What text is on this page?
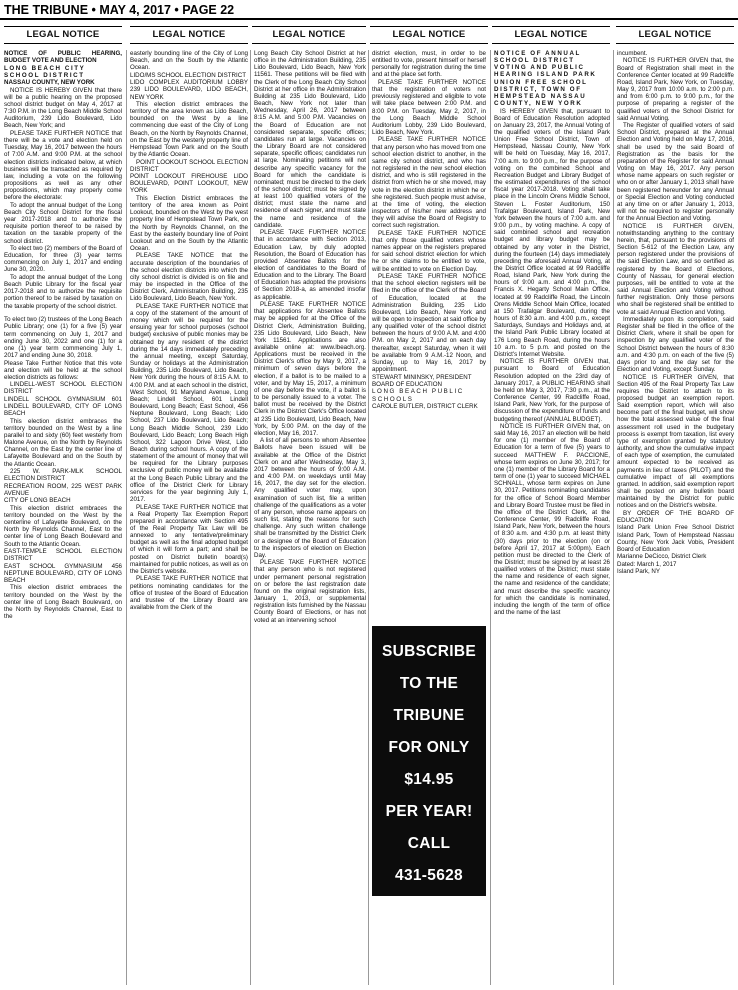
THE TRIBUNE • MAY 4, 2017 • PAGE 22
LEGAL NOTICE	LEGAL NOTICE	LEGAL NOTICE	LEGAL NOTICE	LEGAL NOTICE	LEGAL NOTICE

NOTICE OF PUBLIC HEARING, BUDGET VOTE AND ELECTION

LONG BEACH CITY SCHOOL DISTRICT

NASSAU COUNTY, NEW YORK

NOTICE IS HEREBY GIVEN that there will be a public hearing on the proposed school district budget on May 4, 2017 at 7:30 P.M. in the Long Beach Middle School Auditorium, 239 Lido Boulevard, Lido Beach, New York; and

PLEASE TAKE FURTHER NOTICE that there will be a vote and election held on Tuesday, May 16, 2017 between the hours of 7:00 A.M. and 9:00 P.M. at the school election districts indicated below, at which business will be transacted as required by law, including a vote on the following propositions as well as any other propositions, which may properly come before the electorate:

To adopt the annual budget of the Long Beach City School District for the fiscal year 2017-2018 and to authorize the requisite portion thereof to be raised by taxation on the taxable property of the school district.

To elect two (2) members of the Board of Education, for three (3) year terms commencing on July 1, 2017 and ending June 30, 2020.

To adopt the annual budget of the Long Beach Public Library for the fiscal year 2017-2018 and to authorize the requisite portion thereof to be raised by taxation on the taxable property of the school district.

To elect two (2) trustees of the Long Beach Public Library; one (1) for a five (5) year term commencing on July 1, 2017 and ending June 30, 2022 and one (1) for a one (1) year term commencing July 1, 2017 and ending June 30, 2018.

Please Take Further Notice that this vote and election will be held at the school election districts as follows:

LINDELL-WEST SCHOOL ELECTION DISTRICT

LINDELL SCHOOL GYMNASIUM 601 LINDELL BOULEVARD, CITY OF LONG BEACH

This election district embraces the territory bounded on the West by a line parallel to and sixty (60) feet westerly from Malone Avenue, on the North by Reynolds Channel, on the East by the center line of Lafayette Boulevard and on the South by the Atlantic Ocean.

225 W. PARK-MLK SCHOOL ELECTION DISTRICT

RECREATION ROOM, 225 WEST PARK AVENUE

CITY OF LONG BEACH

This election district embraces the territory bounded on the West by the centerline of Lafayette Boulevard, on the North by Reynolds Channel, East to the center line of Long Beach Boulevard and South to the Atlantic Ocean.

EAST-TEMPLE SCHOOL ELECTION DISTRICT

EAST SCHOOL GYMNASIUM 456 NEPTUNE BOULEVARD, CITY OF LONG BEACH

This election district embraces the territory bounded on the West by the center line of Long Beach Boulevard, on the North by Reynolds Channel, East to the

easterly bounding line of the City of Long Beach, and on the South by the Atlantic Ocean.

LIDO/MS SCHOOL ELECTION DISTRICT

LIDO COMPLEX AUDITORIUM LOBBY 239 LIDO BOULEVARD, LIDO BEACH, NEW YORK

This election district embraces the territory of the area known as Lido Beach, bounded on the West by a line commencing due east of the City of Long Beach, on the North by Reynolds Channel, on the East by the westerly property line of Hempstead Town Park and on the South by the Atlantic Ocean.

POINT LOOKOUT SCHOOL ELECTION DISTRICT

POINT LOOKOUT FIREHOUSE LIDO BOULEVARD, POINT LOOKOUT, NEW YORK

This Election District embraces the territory of the area known as Point Lookout, bounded on the West by the west property line of Hempstead Town Park, on the North by Reynolds Channel, on the East by the easterly boundary line of Point Lookout and on the South by the Atlantic Ocean.

PLEASE TAKE NOTICE that the accurate description of the boundaries of the school election districts into which the city school district is divided is on file and may be inspected in the Office of the District Clerk, Administration Building, 235 Lido Boulevard, Lido Beach, New York.

PLEASE TAKE FURTHER NOTICE that a copy of the statement of the amount of money which will be required for the ensuing year for school purposes (school budget) exclusive of public monies may be obtained by any resident of the district during the 14 days immediately preceding the annual meeting, except Saturday, Sunday or holidays at the Administration Building, 235 Lido Boulevard, Lido Beach, New York during the hours of 8:15 A.M. to 4:00 P.M. and at each school in the district, West School, 91 Maryland Avenue, Long Beach; Lindell School, 601 Lindell Boulevard, Long Beach; East School, 456 Neptune Boulevard, Long Beach; Lido School, 237 Lido Boulevard, Lido Beach; Long Beach Middle School, 239 Lido Boulevard, Lido Beach; Long Beach High School, 322 Lagoon Drive West, Lido Beach during school hours. A copy of the statement of the amount of money that will be required for the Library purposes exclusive of public money will be available at the Long Beach Public Library and the office of the District Clerk for Library services for the year beginning July 1, 2017.

PLEASE TAKE FURTHER NOTICE that a Real Property Tax Exemption Report prepared in accordance with Section 495 of the Real Property Tax Law will be annexed to any tentative/preliminary budget as well as the final adopted budget of which it will form a part; and shall be posted on District bulletin board(s) maintained for public notices, as well as on the District's website.

PLEASE TAKE FURTHER NOTICE that petitions nominating candidates for the office of trustee of the Board of Education and trustee of the Library Board are available from the Clerk of the

Long Beach City School District at her office in the Administration Building, 235 Lido Boulevard, Lido Beach, New York 11561. These petitions will be filed with the Clerk of the Long Beach City School District at her office in the Administration Building at 235 Lido Boulevard, Lido Beach, New York not later than Wednesday, April 26, 2017 between 8:15 A.M. and 5:00 P.M. Vacancies on the Board of Education are not considered separate, specific offices; candidates run at large. Vacancies on the Library Board are not considered separate, specific offices; candidates run at large. Nominating petitions will not describe any specific vacancy for the Board for which the candidate is nominated; must be directed to the clerk of the school district; must be signed by at least 100 qualified voters of the district; must state the name and residence of each signer, and must state the name and residence of the candidate.

PLEASE TAKE FURTHER NOTICE that in accordance with Section 2013, Education Law, by duly adopted Resolution, the Board of Education has provided Absentee Ballots for the election of candidates to the Board of Education and to the Library. The Board of Education has adopted the provisions of Section 2018-a, as amended insofar as applicable.

PLEASE TAKE FURTHER NOTICE that applications for Absentee Ballots may be applied for at the Office of the District Clerk, Administration Building, 235 Lido Boulevard, Lido Beach, New York 11561. Applications are also available online at: www.lbeach.org. Applications must be received in the District Clerk's office by May 9, 2017, a minimum of seven days before the election, if a ballot is to be mailed to a voter, and by May 15, 2017, a minimum of one day before the vote, if a ballot is to be personally issued to a voter. The ballot must be received by the District Clerk in the District Clerk's Office located at 235 Lido Boulevard, Lido Beach, New York, by 5:00 P.M. on the day of the election, May 16, 2017.

A list of all persons to whom Absentee Ballots have been issued will be available at the Office of the District Clerk on and after Wednesday, May 3, 2017 between the hours of 9:00 A.M. and 4:00 P.M. on weekdays until May 16, 2017, the day set for the election. Any qualified voter may, upon examination of such list, file a written challenge of the qualifications as a voter of any person, whose name appears on such list, stating the reasons for such challenge. Any such written challenge shall be transmitted by the District Clerk or a designee of the Board of Education to the inspectors of election on Election Day.

PLEASE TAKE FURTHER NOTICE that any person who is not registered under permanent personal registration on or before the last registration date found on the original registration lists, January 1, 2013, or supplemental registration lists furnished by the Nassau County Board of Elections, or has not voted at an intervening school

district election, must, in order to be entitled to vote, present himself or herself personally for registration during the time and at the place set forth.

PLEASE TAKE FURTHER NOTICE that the registration of voters not previously registered and eligible to vote will take place between 2:00 P.M. and 8:00 P.M. on Tuesday, May 2, 2017, in the Long Beach Middle School Auditorium Lobby, 239 Lido Boulevard, Lido Beach, New York.

PLEASE TAKE FURTHER NOTICE that any person who has moved from one school election district to another, in the same city school district, and who has not registered in the new school election district, and who is still registered in the district from which he or she moved, may vote in the election district in which he or she registered. Such people must advise, at the time of voting, the election inspectors of his/her new address and they will advise the Board of Registry to correct such registration.

PLEASE TAKE FURTHER NOTICE that only those qualified voters whose names appear on the registers prepared for said school district election for which he or she claims to be entitled to vote, will be entitled to vote on Election Day.

PLEASE TAKE FURTHER NOTICE that the school election registers will be filed in the office of the Clerk of the Board of Education, located at the Administration Building, 235 Lido Boulevard, Lido Beach, New York and will be open to inspection at said office by any qualified voter of the school district between the hours of 9:00 A.M. and 4:00 P.M. on May 2, 2017 and on each day thereafter, except Saturday, when it will be available from 9 A.M.-12 Noon, and Sunday, up to May 16, 2017 by appointment.

STEWART MININSKY, PRESIDENT

BOARD OF EDUCATION

LONG BEACH PUBLIC SCHOOLS

CAROLE BUTLER, DISTRICT CLERK

NOTICE OF ANNUAL SCHOOL DISTRICT VOTING AND PUBLIC HEARING ISLAND PARK UNION FREE SCHOOL DISTRICT, TOWN OF HEMPSTEAD NASSAU COUNTY, NEW YORK

IS HEREBY GIVEN that, pursuant to Board of Education Resolution adopted on January 23, 2017, the Annual Voting of the qualified voters of the Island Park Union Free School District, Town of Hempstead, Nassau County, New York will be held on Tuesday, May 16, 2017, 7:00 a.m. to 9:00 p.m., for the purpose of voting on the combined School and Recreation Budget and Library Budget of the estimated expenditures of the school fiscal year 2017-2018. Voting shall take place in the Lincoln Orens Middle School, Steven L. Foster Auditorium, 150 Trafalgar Boulevard, Island Park, New York between the hours of 7:00 a.m. and 9:00 p.m., by voting machine. A copy of said combined school and recreation budget and library budget may be obtained by any voter in the District, during the fourteen (14) days immediately preceding the aforesaid Annual Voting, at the District Office located at 99 Radcliffe Road, Island Park, New York during the hours of 9:00 a.m. and 4:00 p.m., the Francis X. Hegarty School Main Office, located at 99 Radcliffe Road, the Lincoln Orens Middle School Main Office, located at 150 Trafalgar Boulevard, during the hours of 8:30 a.m. and 4:00 p.m., except Saturdays, Sundays and Holidays and, at the Island Park Public Library located at 176 Long Beach Road, during the hours 10 a.m. to 5 p.m. and posted on the District's Internet Website.

NOTICE IS FURTHER GIVEN that, pursuant to Board of Education Resolution adopted on the 23rd day of January 2017, a PUBLIC HEARING shall be held on May 3, 2017, 7:30 p.m., at the Conference Center, 99 Radcliffe Road, Island Park, New York, for the purpose of discussion of the expenditure of funds and budgeting thereof (ANNUAL BUDGET).

NOTICE IS FURTHER GIVEN that, on said May 16, 2017 an election will be held for one (1) member of the Board of Education for a term of five (5) years to succeed MATTHEW F. PACCIONE, whose term expires on June 30, 2017; for one (1) member of the Library Board for a term of one (1) year to succeed MICHAEL SCHNALL, whose term expires on June 30, 2017. Petitions nominating candidates for the office of School Board Member and Library Board Trustee must be filed in the office of the District Clerk, at the Conference Center, 99 Radcliffe Road, Island Park, New York, between the hours of 8:30 a.m. and 4:30 p.m. at least thirty (30) days prior to the election (on or before April 17, 2017 at 5:00pm). Each petition must be directed to the Clerk of the District; must be signed by at least 26 qualified voters of the District; must state the name and residence of each signer, the name and residence of the candidate; and must describe the specific vacancy for which the candidate is nominated, including the length of the term of office and the name of the last

incumbent.

NOTICE IS FURTHER GIVEN that, the Board of Registration shall meet in the Conference Center located at 99 Radcliffe Road, Island Park, New York, on Tuesday, May 9, 2017 from 10:00 a.m. to 2:00 p.m. and from 6:00 p.m. to 9:00 p.m., for the purpose of preparing a register of the qualified voters of the School District for said Annual Voting.

The Register of qualified voters of said School District, prepared at the Annual Election and Voting held on May 17, 2016, shall be used by the said Board of Registration as the basis for the preparation of the Register for said Annual Voting on May 16, 2017. Any person whose name appears on such register or who on or after January 1, 2013 shall have been registered hereunder for any Annual or Special Election and Voting conducted at any time on or after January 1, 2013, will not be required to register personally for the Annual Election and Voting.

NOTICE IS FURTHER GIVEN, notwithstanding anything to the contrary herein, that, pursuant to the provisions of Section 5-612 of the Election Law, any person registered under the provisions of the said Election Law, and so certified as registered by the Board of Elections, County of Nassau, for general election purposes, will be entitled to vote at the said Annual Election and Voting without further registration. Only those persons who shall be registered shall be entitled to vote at said Annual Election and Voting.

Immediately upon its completion, said Register shall be filed in the office of the District Clerk, where it shall be open for inspection by any qualified voter of the School District between the hours of 8:30 a.m. and 4:30 p.m. on each of the five (5) days prior to and the day set for the Election and Voting, except Sunday.

NOTICE IS FURTHER GIVEN, that Section 495 of the Real Property Tax Law requires the District to attach to its proposed budget an exemption report. Said exemption report, which will also become part of the final budget, will show how the total assessed value of the final assessment roll used in the budgetary process is exempt from taxation, list every type of exemption granted by statutory authority, and show the cumulative impact of each type of exemption, the cumulated amount expected to be received as payments in lieu of taxes (PILOT) and the cumulative impact of all exemptions granted. In addition, said exemption report shall be posted on any bulletin board maintained by the District for public notices and on the District's website.

BY ORDER OF THE BOARD OF EDUCATION

Island Park Union Free School District Island Park, Town of Hempstead Nassau County, New York Jack Vobis, President Board of Education

Marianne DeCicco, District Clerk

Dated: March 1, 2017

Island Park, NY

SUBSCRIBE
TO THE
TRIBUNE
FOR ONLY
$14.95
PER YEAR!
CALL
431-5628
